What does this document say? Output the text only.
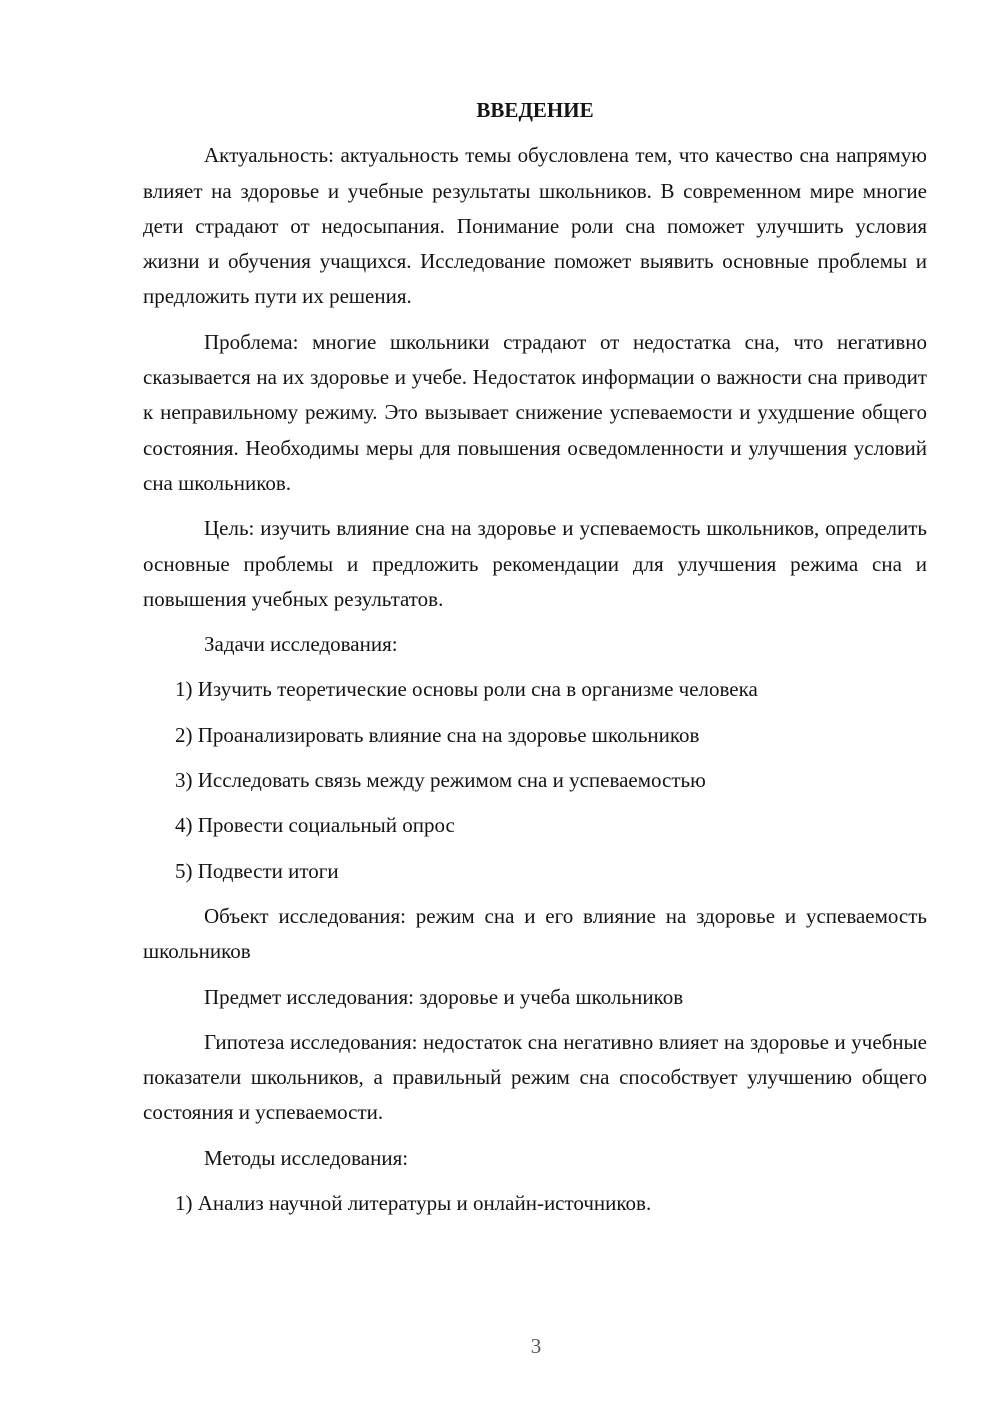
ВВЕДЕНИЕ

Актуальность: актуальность темы обусловлена тем, что качество сна напрямую влияет на здоровье и учебные результаты школьников. В современном мире многие дети страдают от недосыпания. Понимание роли сна поможет улучшить условия жизни и обучения учащихся. Исследование поможет выявить основные проблемы и предложить пути их решения.

Проблема: многие школьники страдают от недостатка сна, что негативно сказывается на их здоровье и учебе. Недостаток информации о важности сна приводит к неправильному режиму. Это вызывает снижение успеваемости и ухудшение общего состояния. Необходимы меры для повышения осведомленности и улучшения условий сна школьников.

Цель: изучить влияние сна на здоровье и успеваемость школьников, определить основные проблемы и предложить рекомендации для улучшения режима сна и повышения учебных результатов.

Задачи исследования:

1) Изучить теоретические основы роли сна в организме человека

2) Проанализировать влияние сна на здоровье школьников

3) Исследовать связь между режимом сна и успеваемостью

4) Провести социальный опрос

5) Подвести итоги

Объект исследования: режим сна и его влияние на здоровье и успеваемость школьников

Предмет исследования: здоровье и учеба школьников

Гипотеза исследования: недостаток сна негативно влияет на здоровье и учебные показатели школьников, а правильный режим сна способствует улучшению общего состояния и успеваемости.

Методы исследования:

1) Анализ научной литературы и онлайн-источников.

3
